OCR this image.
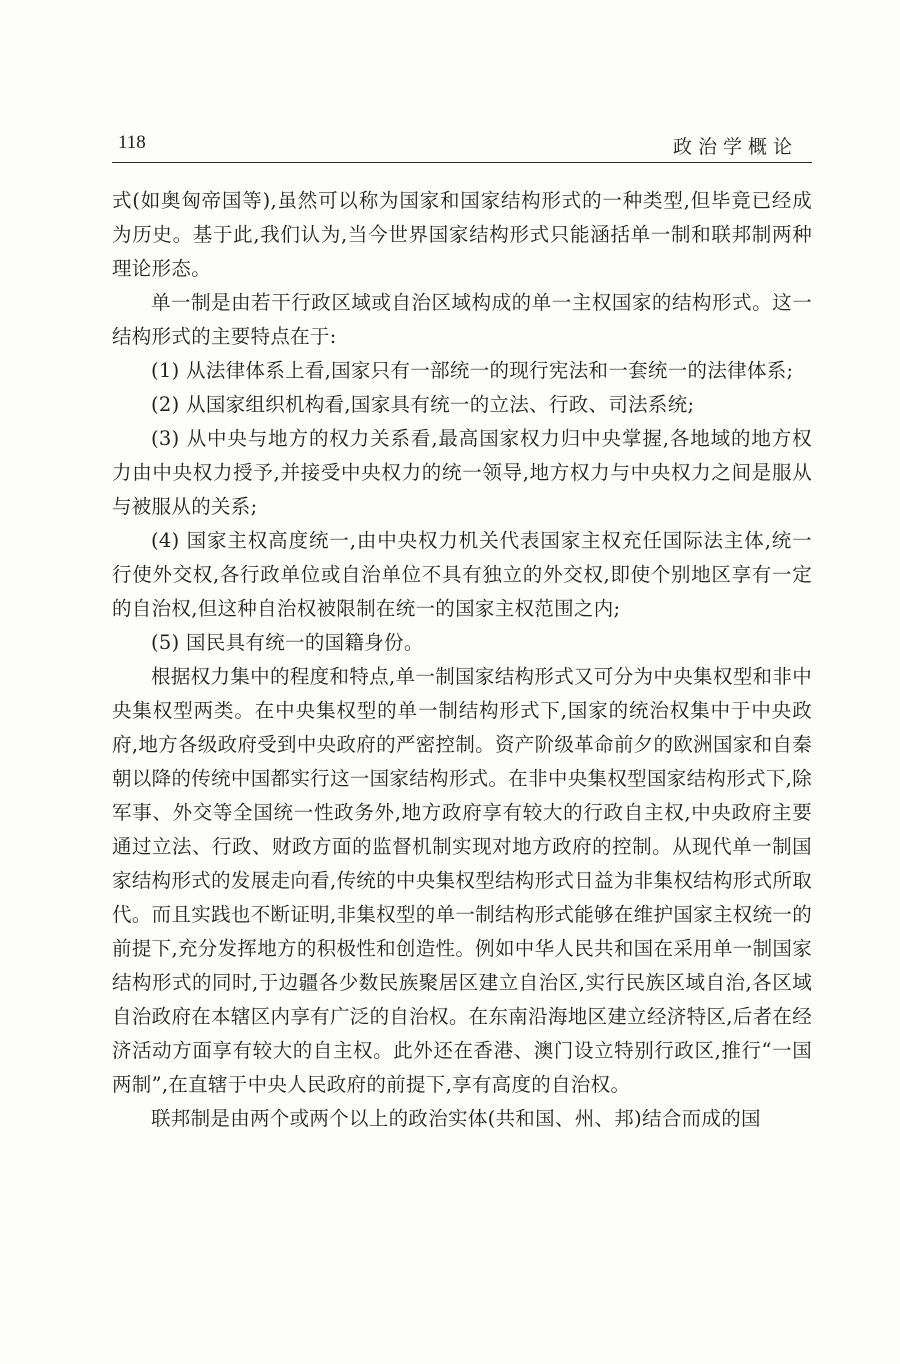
118	政治学概论

式(如奥匈帝国等),虽然可以称为国家和国家结构形式的一种类型,但毕竟已经成为历史。基于此,我们认为,当今世界国家结构形式只能涵括单一制和联邦制两种理论形态。

单一制是由若干行政区域或自治区域构成的单一主权国家的结构形式。这一结构形式的主要特点在于:

(1) 从法律体系上看,国家只有一部统一的现行宪法和一套统一的法律体系;

(2) 从国家组织机构看,国家具有统一的立法、行政、司法系统;

(3) 从中央与地方的权力关系看,最高国家权力归中央掌握,各地域的地方权力由中央权力授予,并接受中央权力的统一领导,地方权力与中央权力之间是服从与被服从的关系;

(4) 国家主权高度统一,由中央权力机关代表国家主权充任国际法主体,统一行使外交权,各行政单位或自治单位不具有独立的外交权,即使个别地区享有一定的自治权,但这种自治权被限制在统一的国家主权范围之内;

(5) 国民具有统一的国籍身份。

根据权力集中的程度和特点,单一制国家结构形式又可分为中央集权型和非中央集权型两类。在中央集权型的单一制结构形式下,国家的统治权集中于中央政府,地方各级政府受到中央政府的严密控制。资产阶级革命前夕的欧洲国家和自秦朝以降的传统中国都实行这一国家结构形式。在非中央集权型国家结构形式下,除军事、外交等全国统一性政务外,地方政府享有较大的行政自主权,中央政府主要通过立法、行政、财政方面的监督机制实现对地方政府的控制。从现代单一制国家结构形式的发展走向看,传统的中央集权型结构形式日益为非集权结构形式所取代。而且实践也不断证明,非集权型的单一制结构形式能够在维护国家主权统一的前提下,充分发挥地方的积极性和创造性。例如中华人民共和国在采用单一制国家结构形式的同时,于边疆各少数民族聚居区建立自治区,实行民族区域自治,各区域自治政府在本辖区内享有广泛的自治权。在东南沿海地区建立经济特区,后者在经济活动方面享有较大的自主权。此外还在香港、澳门设立特别行政区,推行“一国两制”,在直辖于中央人民政府的前提下,享有高度的自治权。

联邦制是由两个或两个以上的政治实体(共和国、州、邦)结合而成的国
